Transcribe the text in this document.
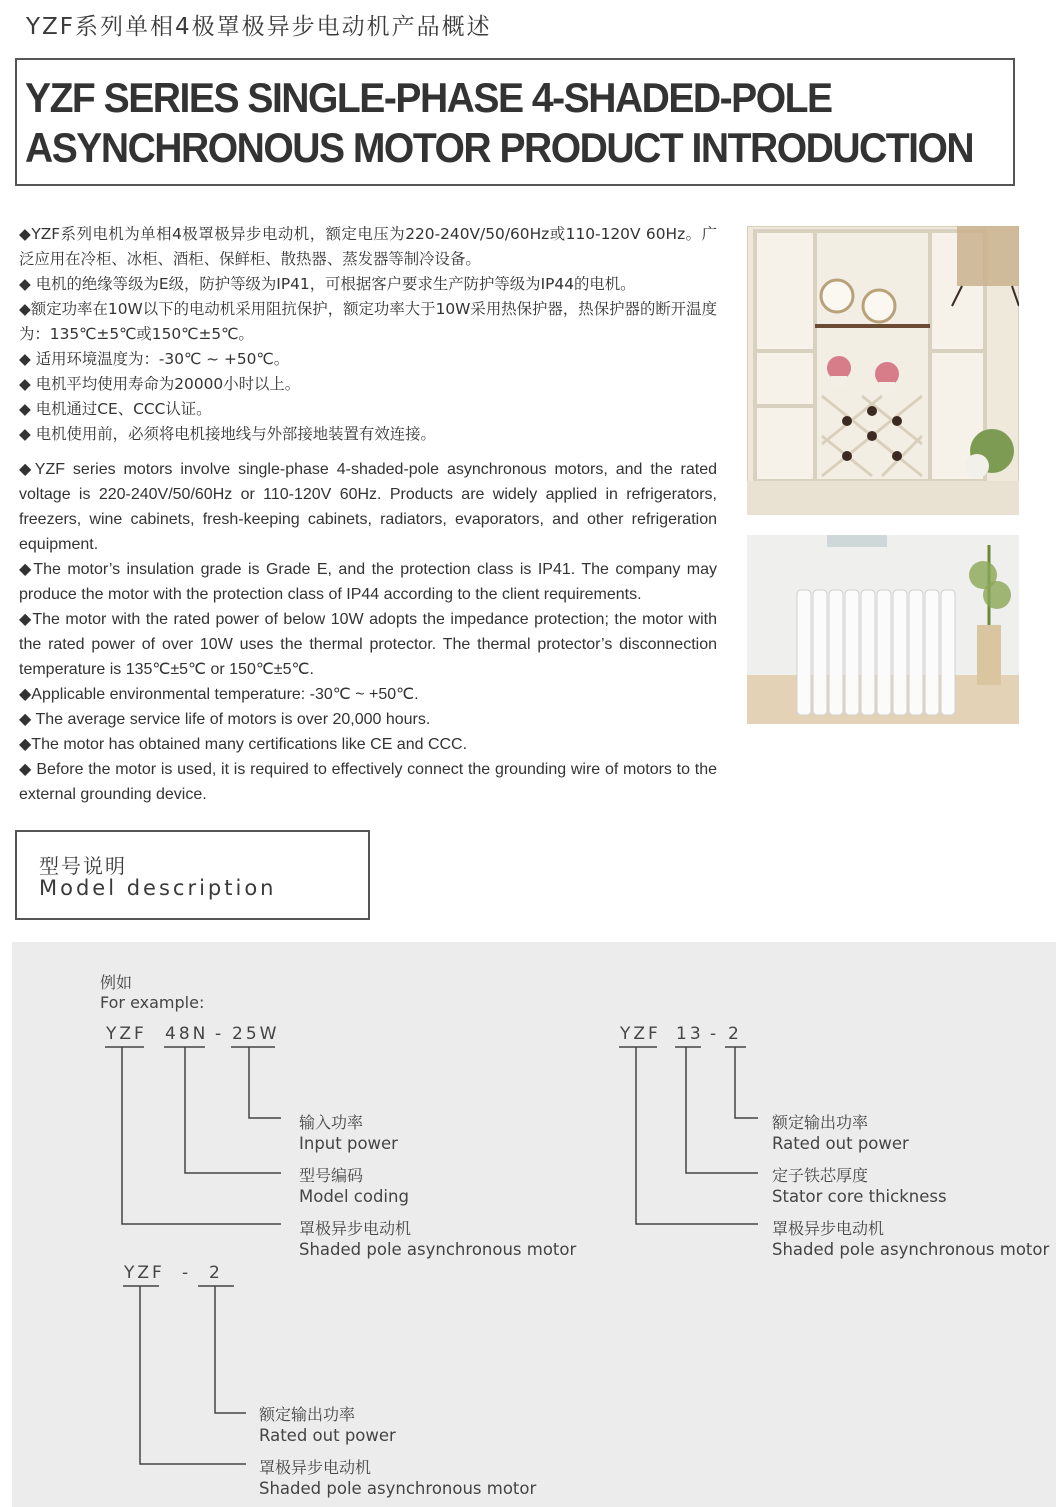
YZF系列单相4极罩极异步电动机产品概述
YZF SERIES SINGLE-PHASE 4-SHADED-POLE
ASYNCHRONOUS MOTOR PRODUCT INTRODUCTION

◆YZF系列电机为单相4极罩极异步电动机，额定电压为220-240V/50/60Hz或110-120V 60Hz。广泛应用在冷柜、冰柜、酒柜、保鲜柜、散热器、蒸发器等制冷设备。

◆ 电机的绝缘等级为E级，防护等级为IP41，可根据客户要求生产防护等级为IP44的电机。

◆额定功率在10W以下的电动机采用阻抗保护，额定功率大于10W采用热保护器，热保护器的断开温度为：135℃±5℃或150℃±5℃。

◆ 适用环境温度为：-30℃ ~ +50℃。

◆ 电机平均使用寿命为20000小时以上。

◆ 电机通过CE、CCC认证。

◆ 电机使用前，必须将电机接地线与外部接地装置有效连接。

◆YZF series motors involve single-phase 4-shaded-pole asynchronous motors, and the rated voltage is 220-240V/50/60Hz or 110-120V 60Hz. Products are widely applied in refrigerators, freezers, wine cabinets, fresh-keeping cabinets, radiators, evaporators, and other refrigeration equipment.

◆The motor’s insulation grade is Grade E, and the protection class is IP41. The company may produce the motor with the protection class of IP44 according to the client requirements.

◆The motor with the rated power of below 10W adopts the impedance protection; the motor with the rated power of over 10W uses the thermal protector. The thermal protector’s disconnection temperature is 135℃±5℃ or 150℃±5℃.

◆Applicable environmental temperature: -30℃ ~ +50℃.

◆ The average service life of motors is over 20,000 hours.

◆The motor has obtained many certifications like CE and CCC.

◆ Before the motor is used, it is required to effectively connect the grounding wire of motors to the external grounding device.

型号说明
Model description
例如
For example:
YZF 48N - 25W
输入功率
Input power
型号编码
Model coding
罩极异步电动机
Shaded pole asynchronous motor
YZF 13 - 2
额定输出功率
Rated out power
定子铁芯厚度
Stator core thickness
罩极异步电动机
Shaded pole asynchronous motor
YZF - 2
额定输出功率
Rated out power
罩极异步电动机
Shaded pole asynchronous motor
